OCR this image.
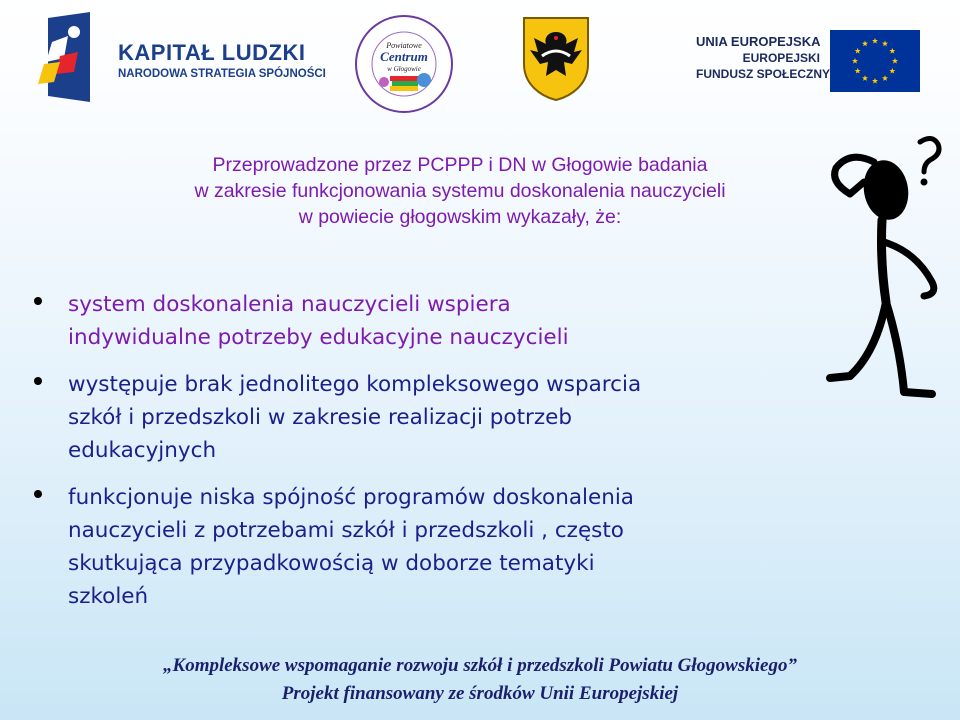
KAPITAŁ LUDZKI
NARODOWA STRATEGIA SPÓJNOŚCI
Powiatowe
Centrum
w Głogowie
UNIA EUROPEJSKA
EUROPEJSKI
FUNDUSZ SPOŁECZNY
Przeprowadzone przez PCPPP i DN w Głogowie badania
w zakresie funkcjonowania systemu doskonalenia nauczycieli
w powiecie głogowskim wykazały, że:
system doskonalenia nauczycieli wspiera
indywidualne potrzeby edukacyjne nauczycieli
występuje brak jednolitego kompleksowego wsparcia
szkół i przedszkoli w zakresie realizacji potrzeb
edukacyjnych
funkcjonuje niska spójność programów doskonalenia
nauczycieli z potrzebami szkół i przedszkoli , często
skutkująca przypadkowością w doborze tematyki
szkoleń
„Kompleksowe wspomaganie rozwoju szkół i przedszkoli Powiatu Głogowskiego”
Projekt finansowany ze środków Unii Europejskiej
